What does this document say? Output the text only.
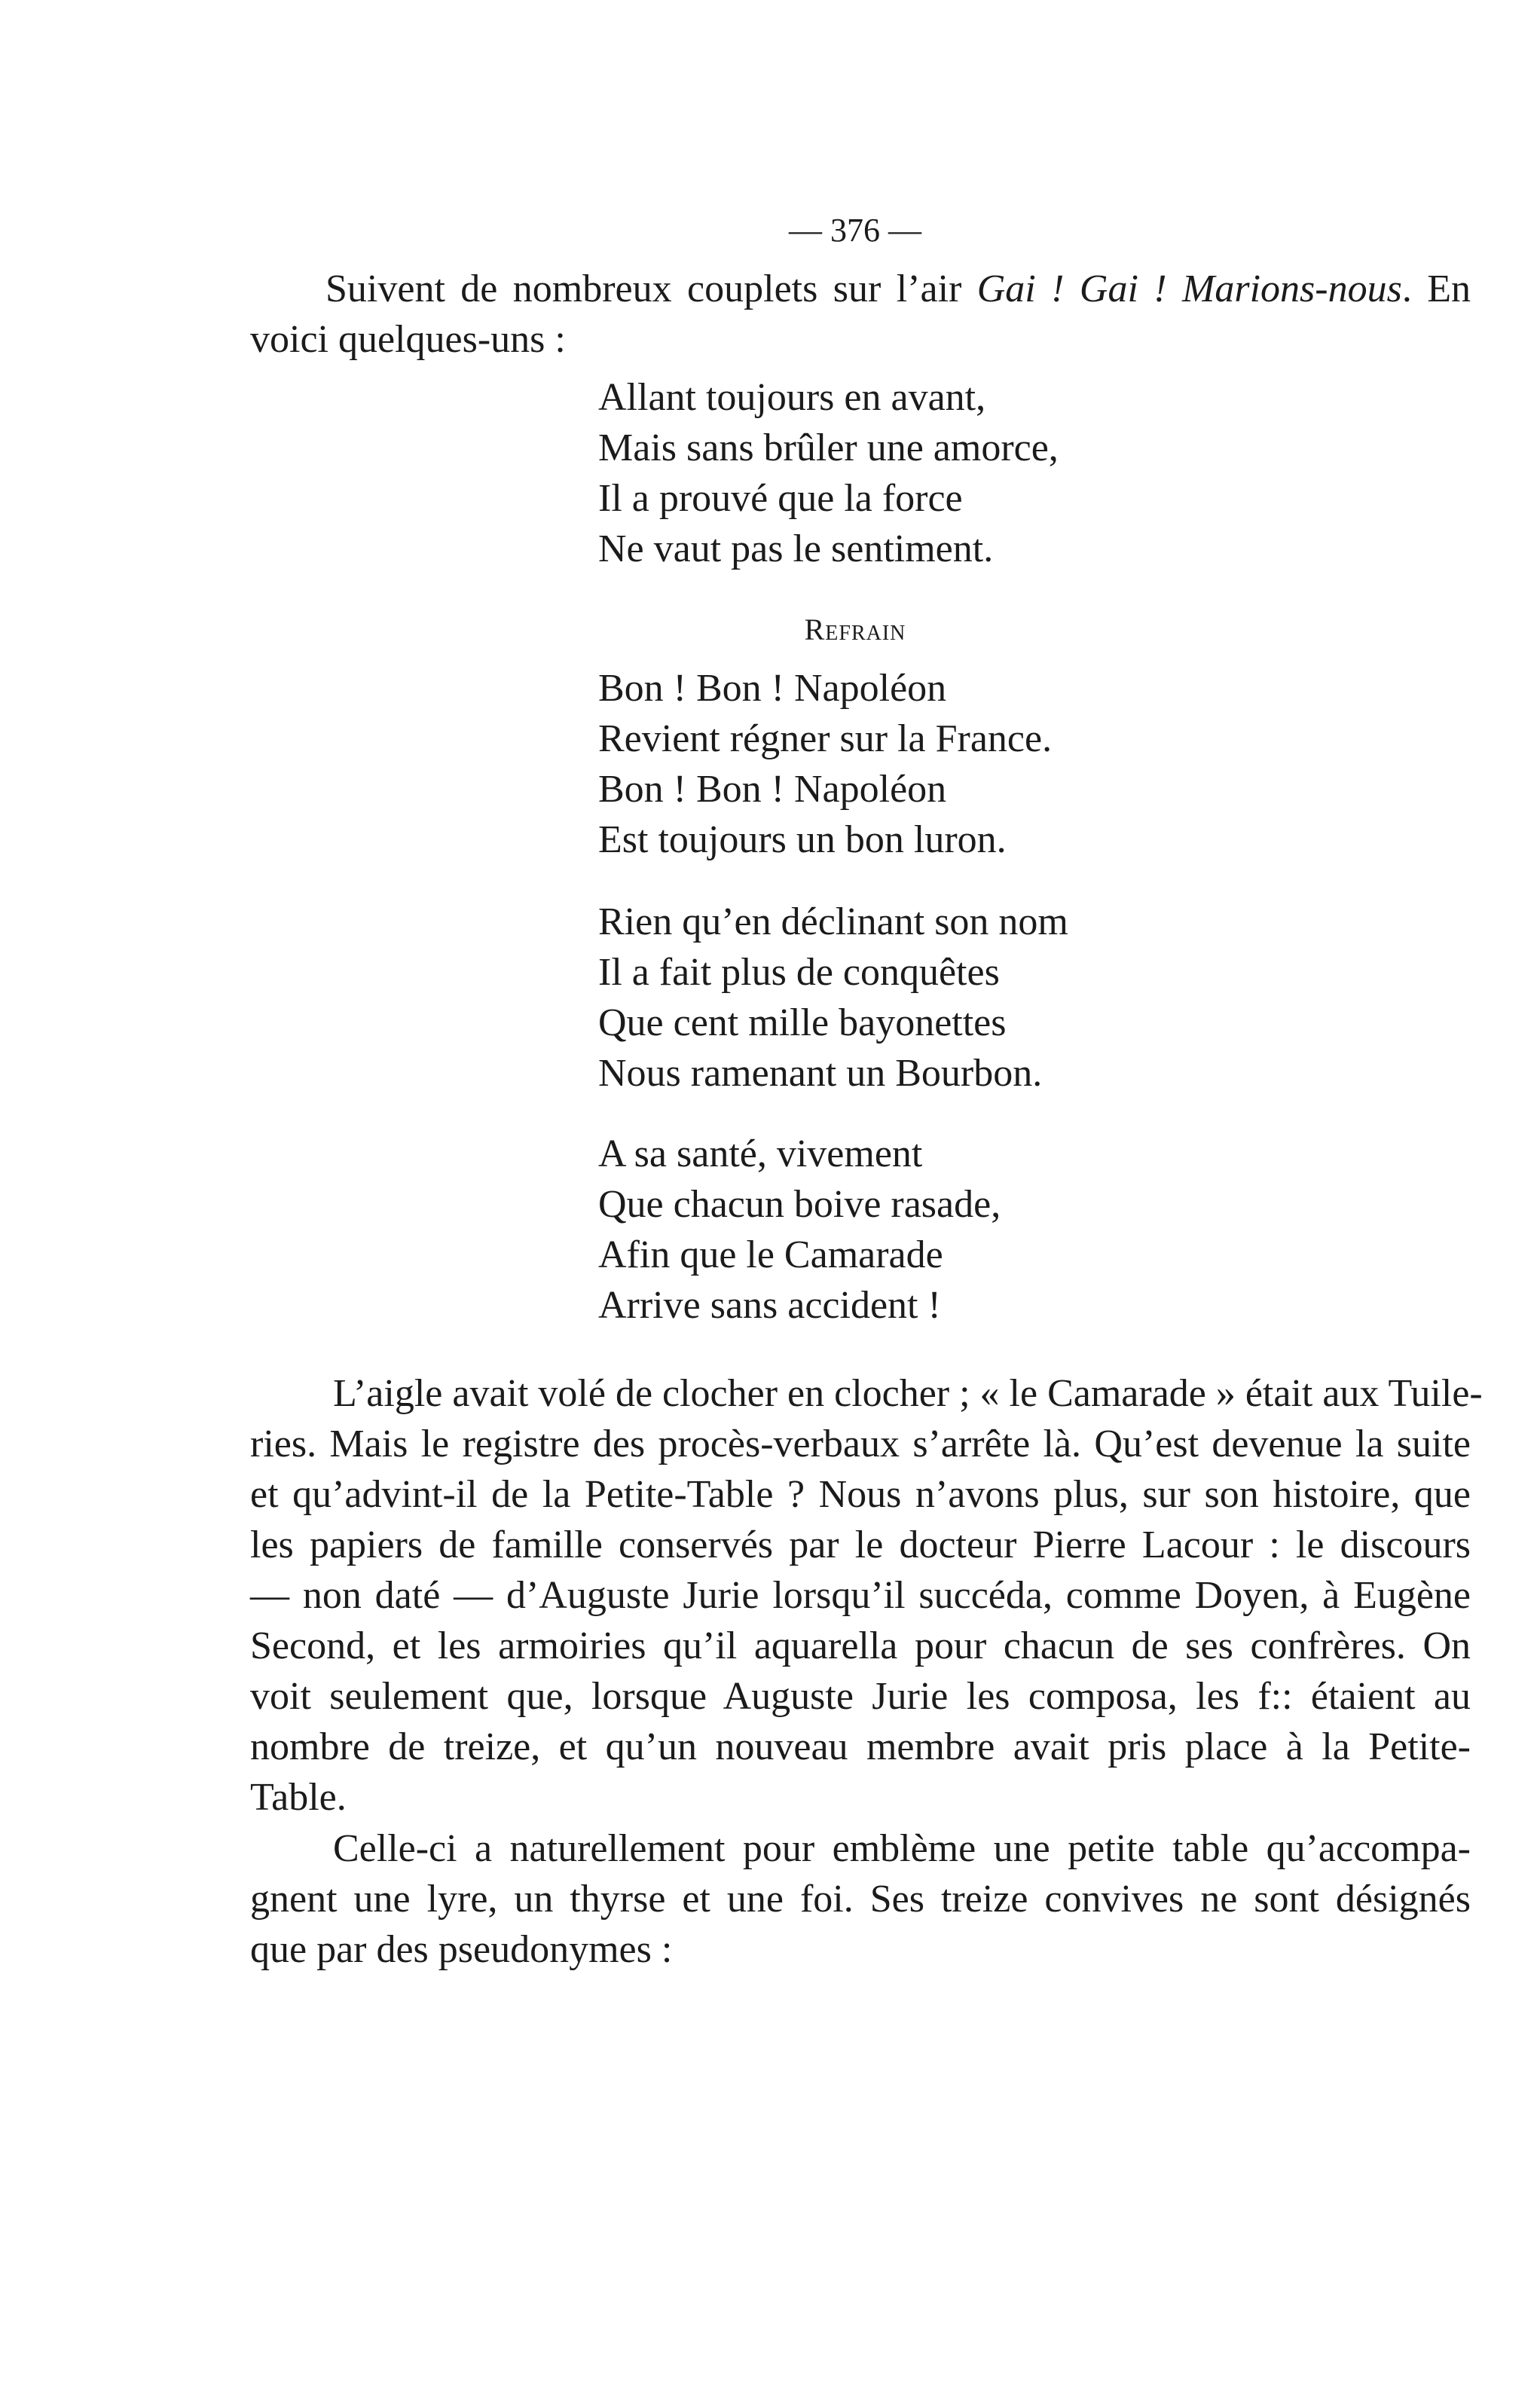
— 376 —
Suivent de nombreux couplets sur l’air Gai ! Gai ! Marions-nous. En
voici quelques-uns :
Allant toujours en avant,
Mais sans brûler une amorce,
Il a prouvé que la force
Ne vaut pas le sentiment.
Refrain
Bon ! Bon ! Napoléon
Revient régner sur la France.
Bon ! Bon ! Napoléon
Est toujours un bon luron.
Rien qu’en déclinant son nom
Il a fait plus de conquêtes
Que cent mille bayonettes
Nous ramenant un Bourbon.
A sa santé, vivement
Que chacun boive rasade,
Afin que le Camarade
Arrive sans accident !
L’aigle avait volé de clocher en clocher ; « le Camarade » était aux Tuile-
ries. Mais le registre des procès-verbaux s’arrête là. Qu’est devenue la suite
et qu’advint-il de la Petite-Table ? Nous n’avons plus, sur son histoire, que
les papiers de famille conservés par le docteur Pierre Lacour : le discours
— non daté — d’Auguste Jurie lorsqu’il succéda, comme Doyen, à Eugène
Second, et les armoiries qu’il aquarella pour chacun de ses confrères. On
voit seulement que, lorsque Auguste Jurie les composa, les f:: étaient au
nombre de treize, et qu’un nouveau membre avait pris place à la Petite-
Table.
Celle-ci a naturellement pour emblème une petite table qu’accompa-
gnent une lyre, un thyrse et une foi. Ses treize convives ne sont désignés
que par des pseudonymes :
